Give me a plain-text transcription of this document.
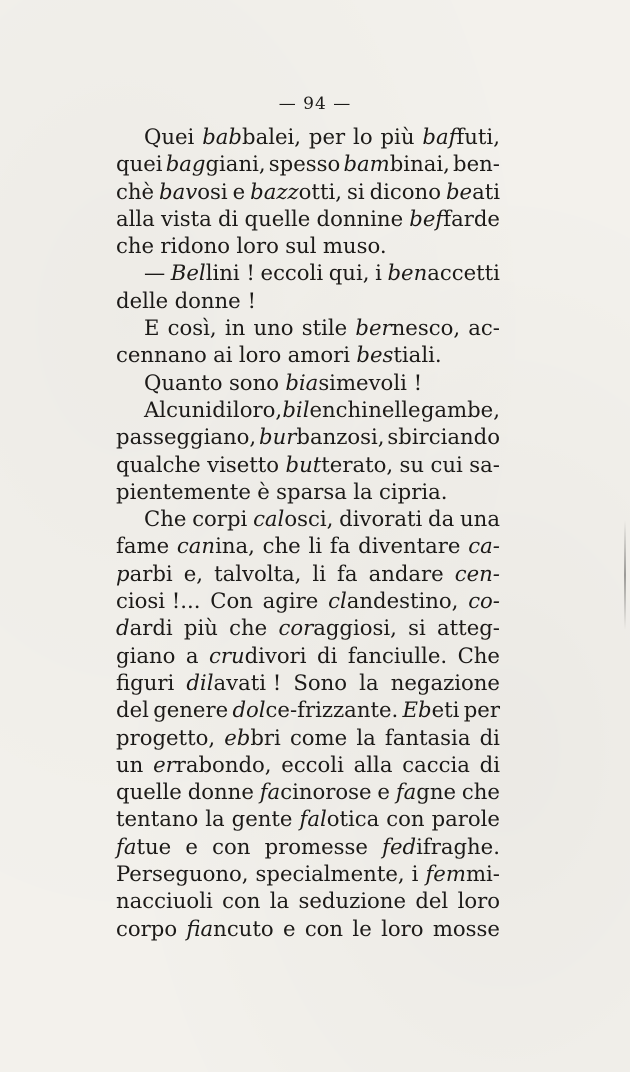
— 94 —
Quei babbalei, per lo più baffuti,
quei baggiani, spesso bambinai, ben-
chè bavosi e bazzotti, si dicono beati
alla vista di quelle donnine beffarde
che ridono loro sul muso.
— Bellini ! eccoli qui, i benaccetti
delle donne !
E così, in uno stile bernesco, ac-
cennano ai loro amori bestiali.
Quanto sono biasimevoli !
Alcuni di loro, bilenchi nelle gambe,
passeggiano, burbanzosi, sbirciando
qualche visetto butterato, su cui sa-
pientemente è sparsa la cipria.
Che corpi calosci, divorati da una
fame canina, che li fa diventare ca-
parbi e, talvolta, li fa andare cen-
ciosi !... Con agire clandestino, co-
dardi più che coraggiosi, si atteg-
giano a crudivori di fanciulle. Che
figuri dilavati ! Sono la negazione
del genere dolce-frizzante. Ebeti per
progetto, ebbri come la fantasia di
un errabondo, eccoli alla caccia di
quelle donne facinorose e fagne che
tentano la gente falotica con parole
fatue e con promesse fedifraghe.
Perseguono, specialmente, i femmi-
nacciuoli con la seduzione del loro
corpo fiancuto e con le loro mosse
